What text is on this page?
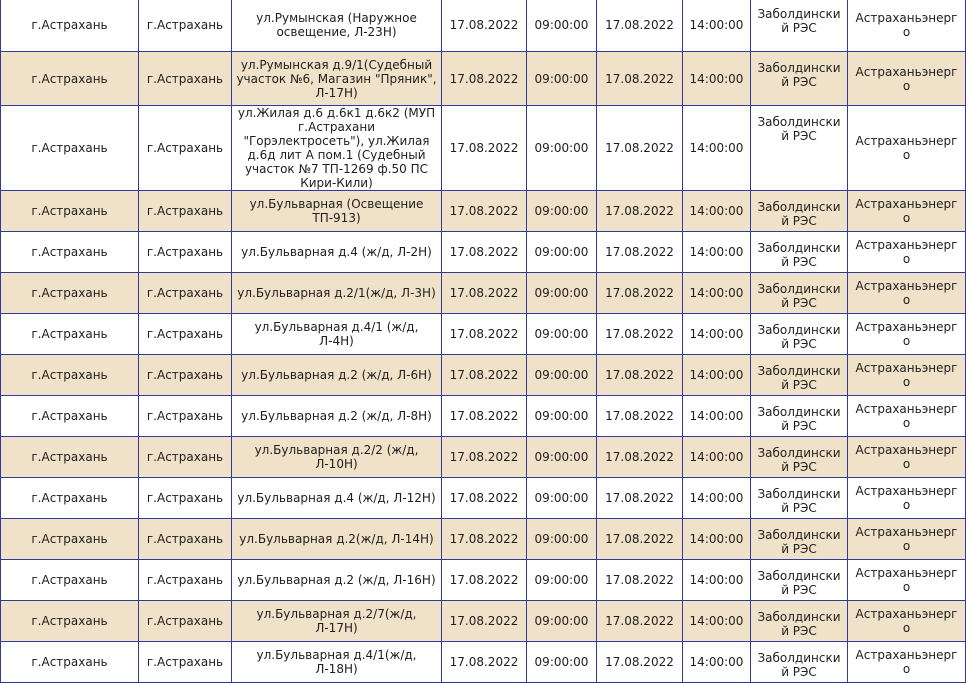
г.Астрахань	г.Астрахань	ул.Румынская (Наружное освещение, Л-23Н)	17.08.2022	09:00:00	17.08.2022	14:00:00	Заболдинский РЭС	Астраханьэнерго
г.Астрахань	г.Астрахань	ул.Румынская д.9/1(Судебный участок №6, Магазин "Пряник", Л-17Н)	17.08.2022	09:00:00	17.08.2022	14:00:00	Заболдинский РЭС	Астраханьэнерго
г.Астрахань	г.Астрахань	ул.Жилая д.6 д.6к1 д.6к2 (МУП г.Астрахани "Горэлектросеть"), ул.Жилая д.6д лит А пом.1 (Судебный участок №7 ТП-1269 ф.50 ПС Кири-Кили)	17.08.2022	09:00:00	17.08.2022	14:00:00	Заболдинский РЭС	Астраханьэнерго
г.Астрахань	г.Астрахань	ул.Бульварная (Освещение ТП-913)	17.08.2022	09:00:00	17.08.2022	14:00:00	Заболдинский РЭС	Астраханьэнерго
г.Астрахань	г.Астрахань	ул.Бульварная д.4 (ж/д, Л-2Н)	17.08.2022	09:00:00	17.08.2022	14:00:00	Заболдинский РЭС	Астраханьэнерго
г.Астрахань	г.Астрахань	ул.Бульварная д.2/1(ж/д, Л-3Н)	17.08.2022	09:00:00	17.08.2022	14:00:00	Заболдинский РЭС	Астраханьэнерго
г.Астрахань	г.Астрахань	ул.Бульварная д.4/1 (ж/д, Л-4Н)	17.08.2022	09:00:00	17.08.2022	14:00:00	Заболдинский РЭС	Астраханьэнерго
г.Астрахань	г.Астрахань	ул.Бульварная д.2 (ж/д, Л-6Н)	17.08.2022	09:00:00	17.08.2022	14:00:00	Заболдинский РЭС	Астраханьэнерго
г.Астрахань	г.Астрахань	ул.Бульварная д.2 (ж/д, Л-8Н)	17.08.2022	09:00:00	17.08.2022	14:00:00	Заболдинский РЭС	Астраханьэнерго
г.Астрахань	г.Астрахань	ул.Бульварная д.2/2 (ж/д, Л-10Н)	17.08.2022	09:00:00	17.08.2022	14:00:00	Заболдинский РЭС	Астраханьэнерго
г.Астрахань	г.Астрахань	ул.Бульварная д.4 (ж/д, Л-12Н)	17.08.2022	09:00:00	17.08.2022	14:00:00	Заболдинский РЭС	Астраханьэнерго
г.Астрахань	г.Астрахань	ул.Бульварная д.2(ж/д, Л-14Н)	17.08.2022	09:00:00	17.08.2022	14:00:00	Заболдинский РЭС	Астраханьэнерго
г.Астрахань	г.Астрахань	ул.Бульварная д.2 (ж/д, Л-16Н)	17.08.2022	09:00:00	17.08.2022	14:00:00	Заболдинский РЭС	Астраханьэнерго
г.Астрахань	г.Астрахань	ул.Бульварная д.2/7(ж/д, Л-17Н)	17.08.2022	09:00:00	17.08.2022	14:00:00	Заболдинский РЭС	Астраханьэнерго
г.Астрахань	г.Астрахань	ул.Бульварная д.4/1(ж/д, Л-18Н)	17.08.2022	09:00:00	17.08.2022	14:00:00	Заболдинский РЭС	Астраханьэнерго
